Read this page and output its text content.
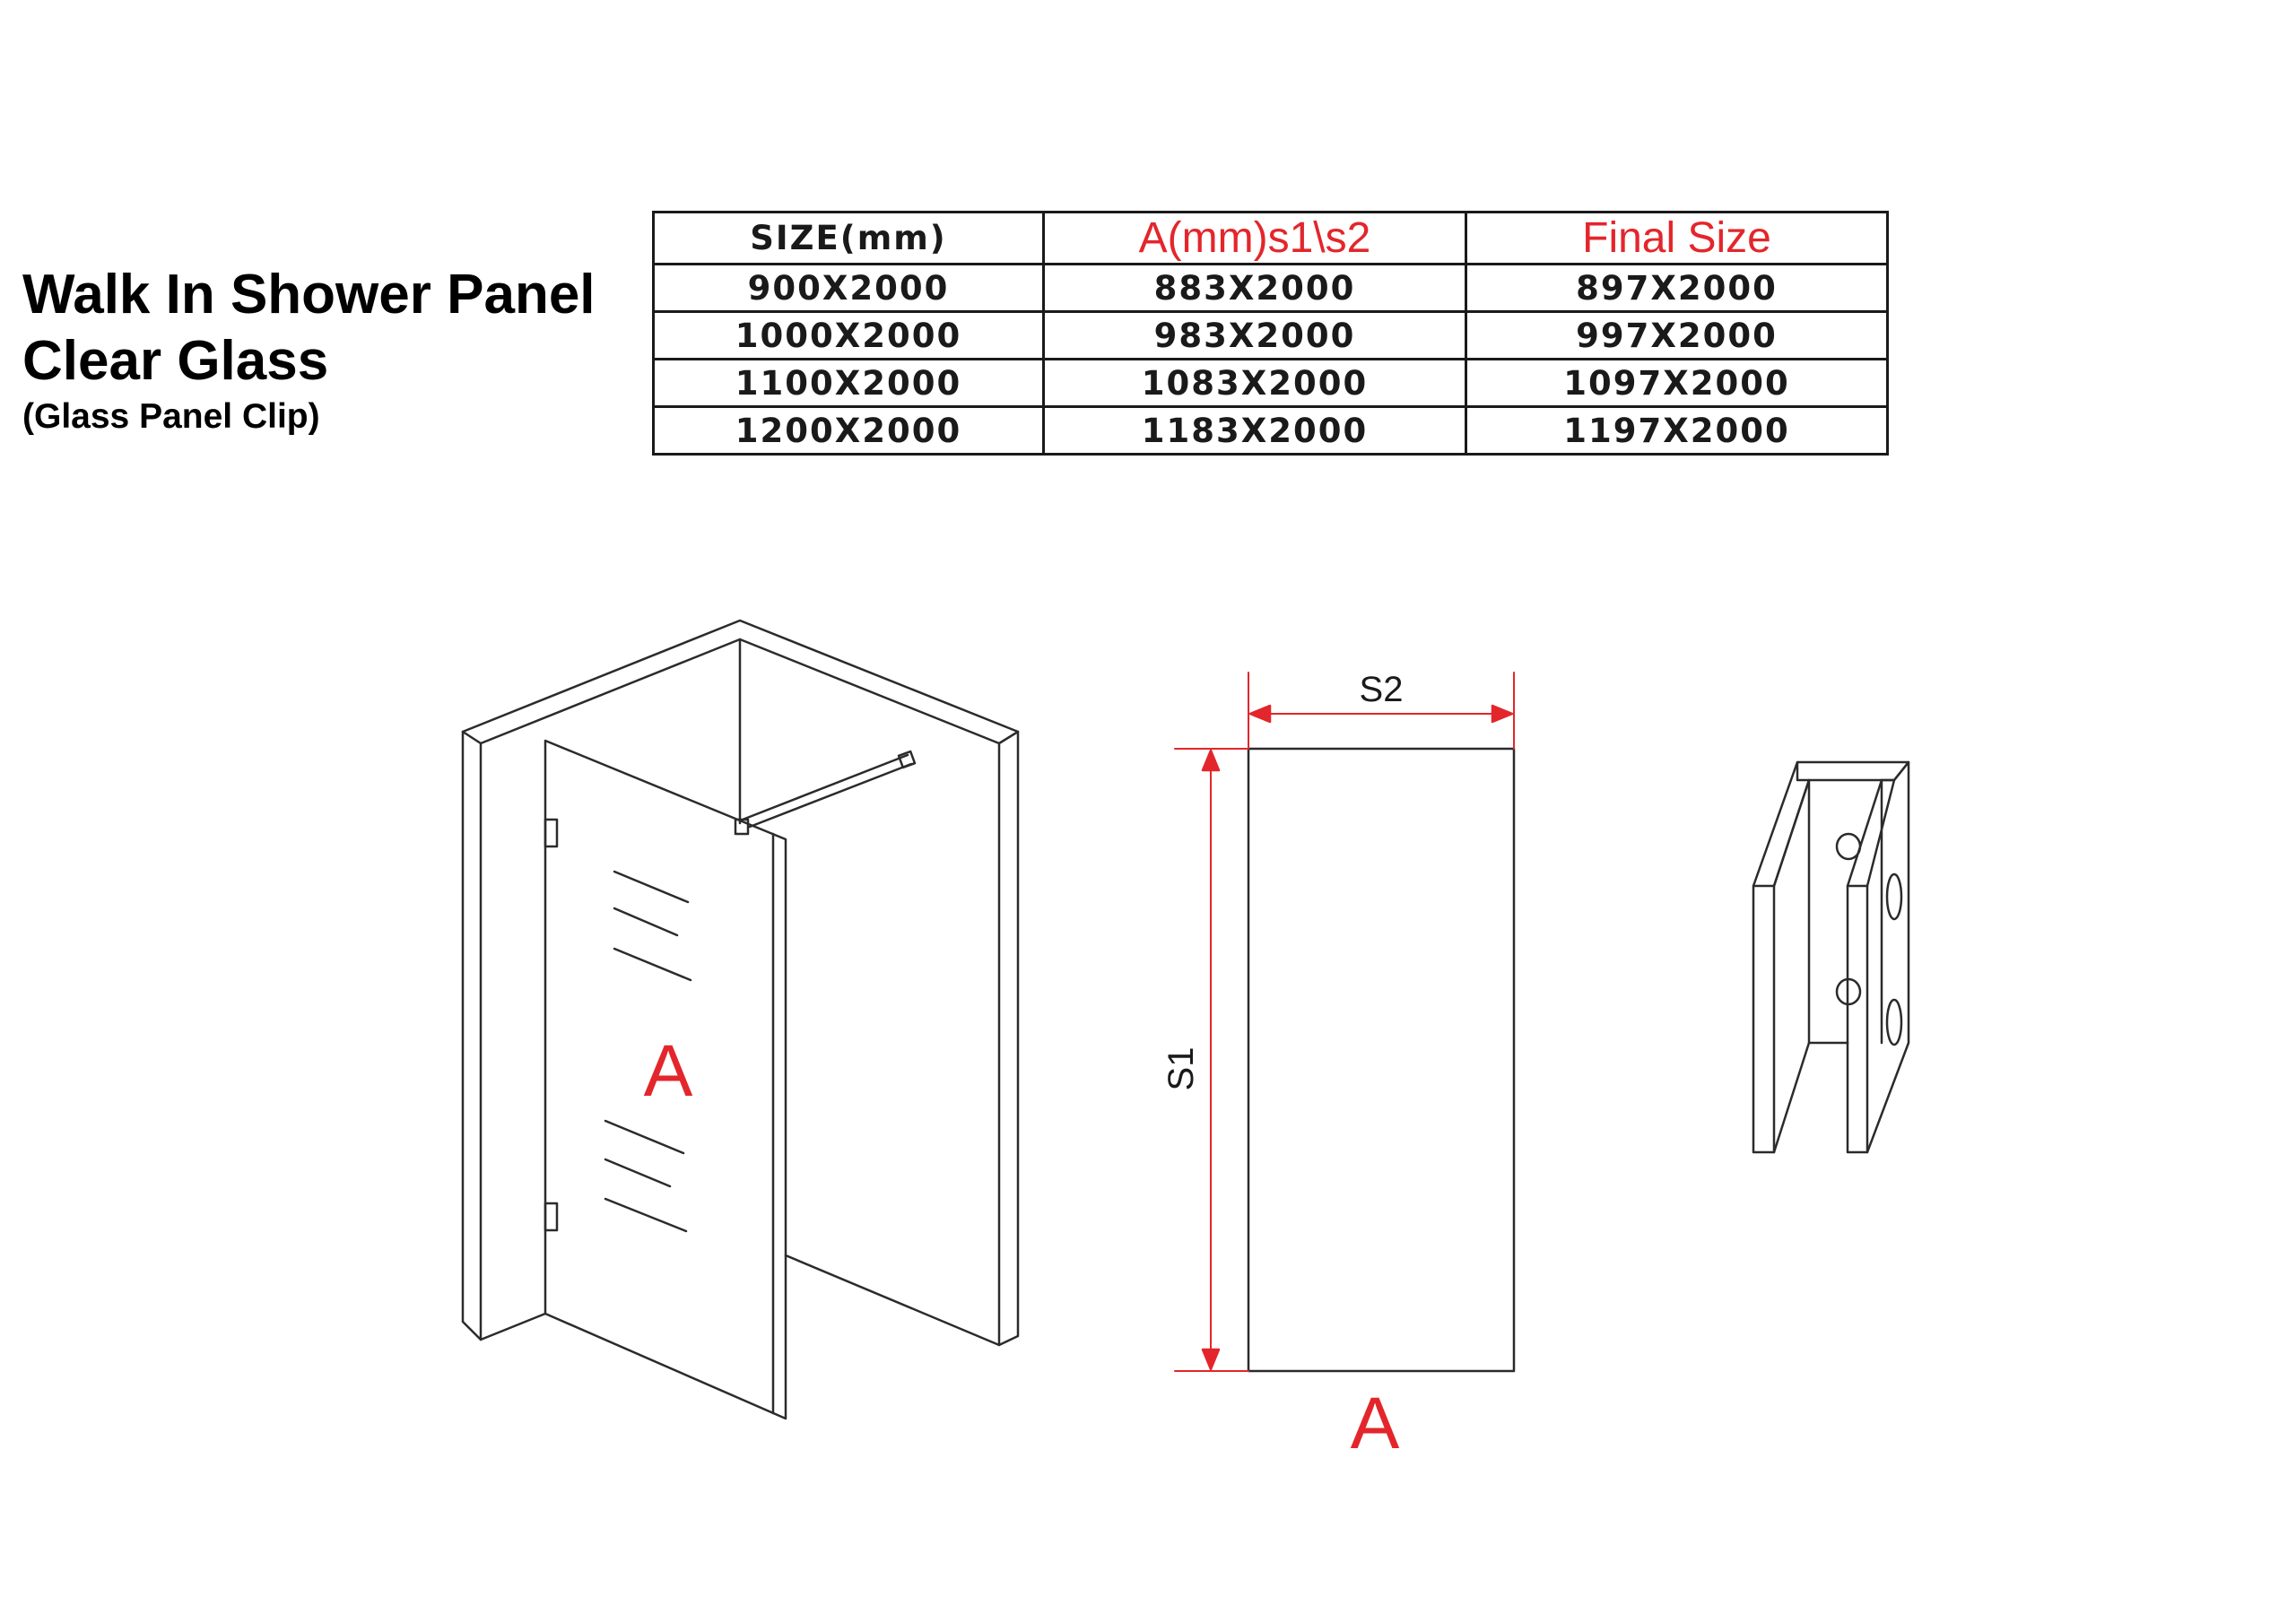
Walk In Shower Panel
Clear Glass
(Glass Panel Clip)
SIZE(mm)	A(mm)s1\s2	Final Size
900X2000	883X2000	897X2000
1000X2000	983X2000	997X2000
1100X2000	1083X2000	1097X2000
1200X2000	1183X2000	1197X2000
A
S2
S1
A
